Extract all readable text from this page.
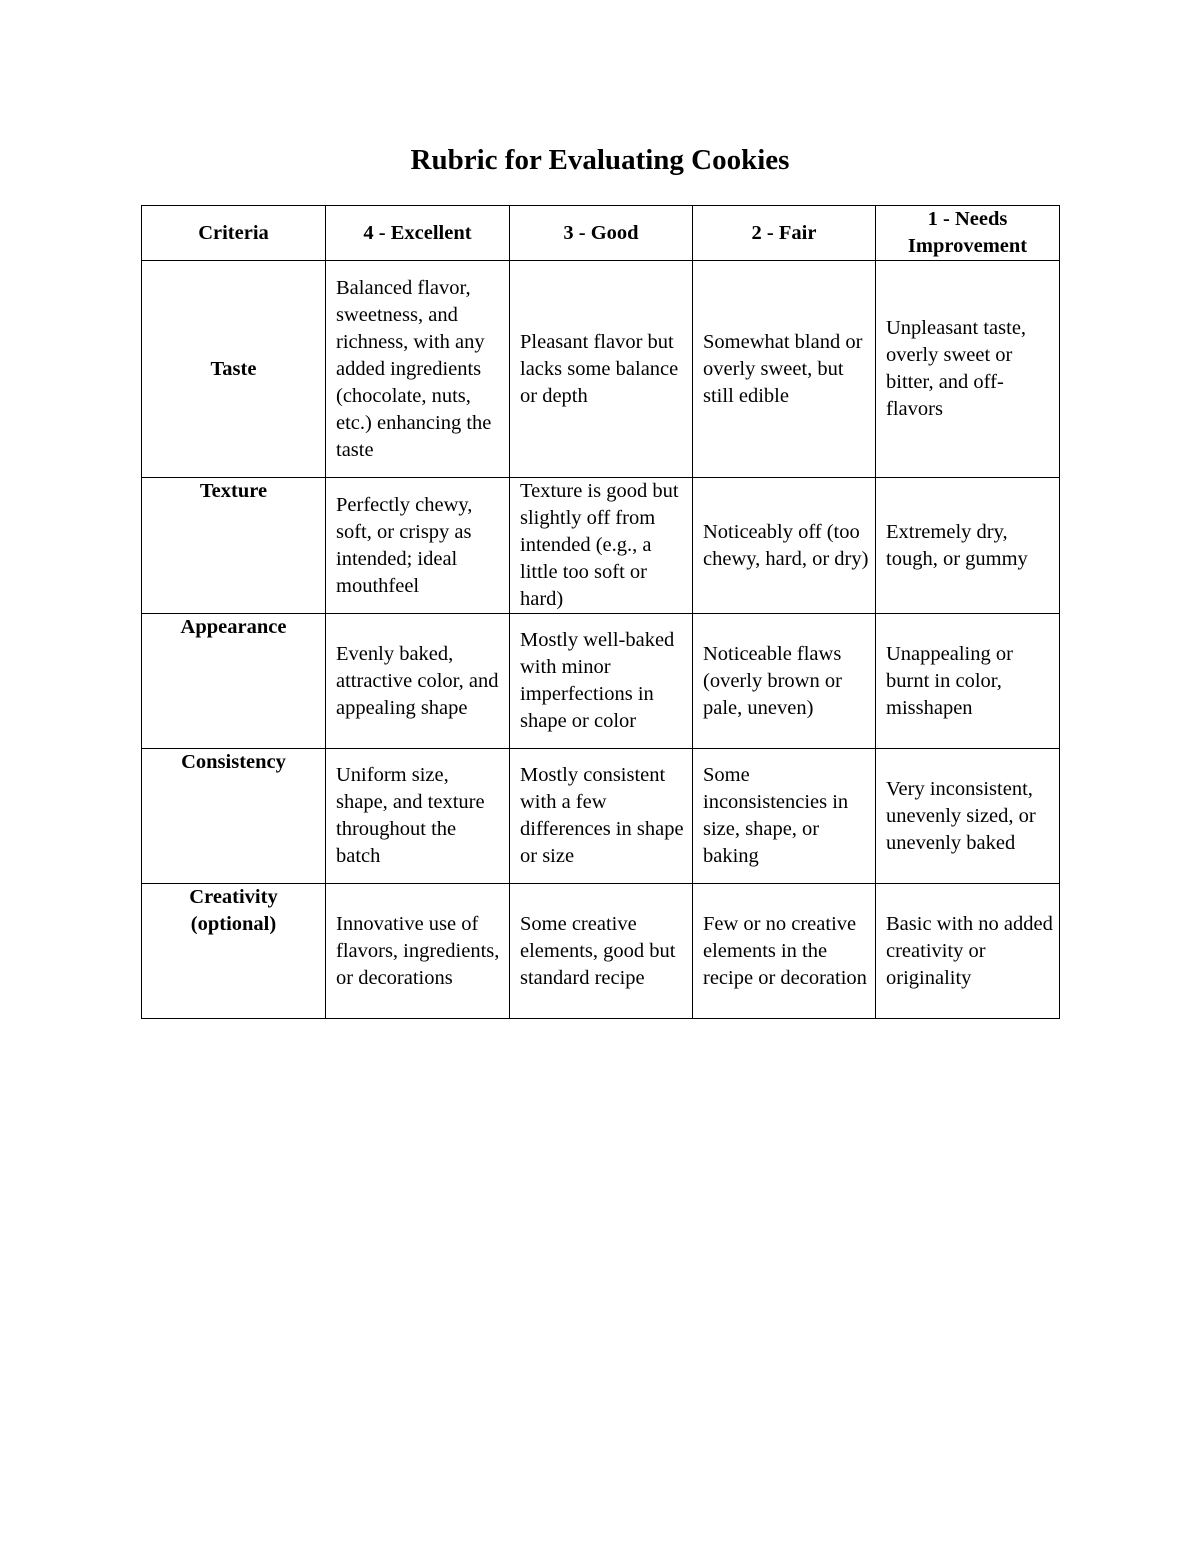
Rubric for Evaluating Cookies
Criteria	4 - Excellent	3 - Good	2 - Fair	1 - Needs Improvement
Taste	Balanced flavor, sweetness, and richness, with any added ingredients (chocolate, nuts, etc.) enhancing the taste	Pleasant flavor but lacks some balance or depth	Somewhat bland or overly sweet, but still edible	Unpleasant taste, overly sweet or bitter, and off-flavors
Texture	Perfectly chewy, soft, or crispy as intended; ideal mouthfeel	Texture is good but slightly off from intended (e.g., a little too soft or hard)	Noticeably off (too chewy, hard, or dry)	Extremely dry, tough, or gummy
Appearance	Evenly baked, attractive color, and appealing shape	Mostly well-baked with minor imperfections in shape or color	Noticeable flaws (overly brown or pale, uneven)	Unappealing or burnt in color, misshapen
Consistency	Uniform size, shape, and texture throughout the batch	Mostly consistent with a few differences in shape or size	Some inconsistencies in size, shape, or baking	Very inconsistent, unevenly sized, or unevenly baked
Creativity (optional)	Innovative use of flavors, ingredients, or decorations	Some creative elements, good but standard recipe	Few or no creative elements in the recipe or decoration	Basic with no added creativity or originality
